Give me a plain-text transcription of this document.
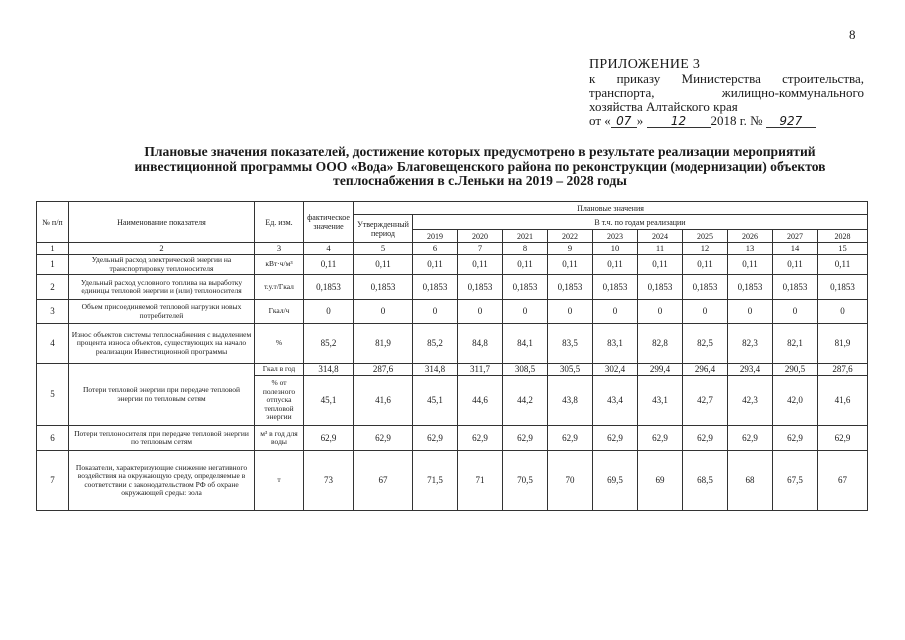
8
ПРИЛОЖЕНИЕ 3
к приказу Министерства строительства,
транспорта, жилищно-коммунального
хозяйства Алтайского края
от « 07 » 12 2018 г. № 927
Плановые значения показателей, достижение которых предусмотрено в результате реализации мероприятий
инвестиционной программы ООО «Вода» Благовещенского района по реконструкции (модернизации) объектов
теплоснабжения в с.Леньки на 2019 – 2028 годы
№ п/п	Наименование показателя	Ед. изм.	фактическое значение	Плановые значения										
				Утвержденный период	В т.ч. по годам реализации									
					2019	2020	2021	2022	2023	2024	2025	2026	2027	2028
1	2	3	4	5	6	7	8	9	10	11	12	13	14	15
1	Удельный расход электрической энергии на транспортировку теплоносителя	кВт·ч/м³	0,11	0,11	0,11	0,11	0,11	0,11	0,11	0,11	0,11	0,11	0,11	0,11
2	Удельный расход условного топлива на выработку единицы тепловой энергии и (или) теплоносителя	т.у.т/Гкал	0,1853	0,1853	0,1853	0,1853	0,1853	0,1853	0,1853	0,1853	0,1853	0,1853	0,1853	0,1853
3	Объем присоединяемой тепловой нагрузки новых потребителей	Гкал/ч	0	0	0	0	0	0	0	0	0	0	0	0
4	Износ объектов системы теплоснабжения с выделением процента износа объектов, существующих на начало реализации Инвестиционной программы	%	85,2	81,9	85,2	84,8	84,1	83,5	83,1	82,8	82,5	82,3	82,1	81,9
5	Потери тепловой энергии при передаче тепловой энергии по тепловым сетям	Гкал в год	314,8	287,6	314,8	311,7	308,5	305,5	302,4	299,4	296,4	293,4	290,5	287,6
		% от полезного отпуска тепловой энергии	45,1	41,6	45,1	44,6	44,2	43,8	43,4	43,1	42,7	42,3	42,0	41,6
6	Потери теплоносителя при передаче тепловой энергии по тепловым сетям	м³ в год для воды	62,9	62,9	62,9	62,9	62,9	62,9	62,9	62,9	62,9	62,9	62,9	62,9
7	Показатели, характеризующие снижение негативного воздействия на окружающую среду, определяемые в соответствии с законодательством РФ об охране окружающей среды: зола	т	73	67	71,5	71	70,5	70	69,5	69	68,5	68	67,5	67
